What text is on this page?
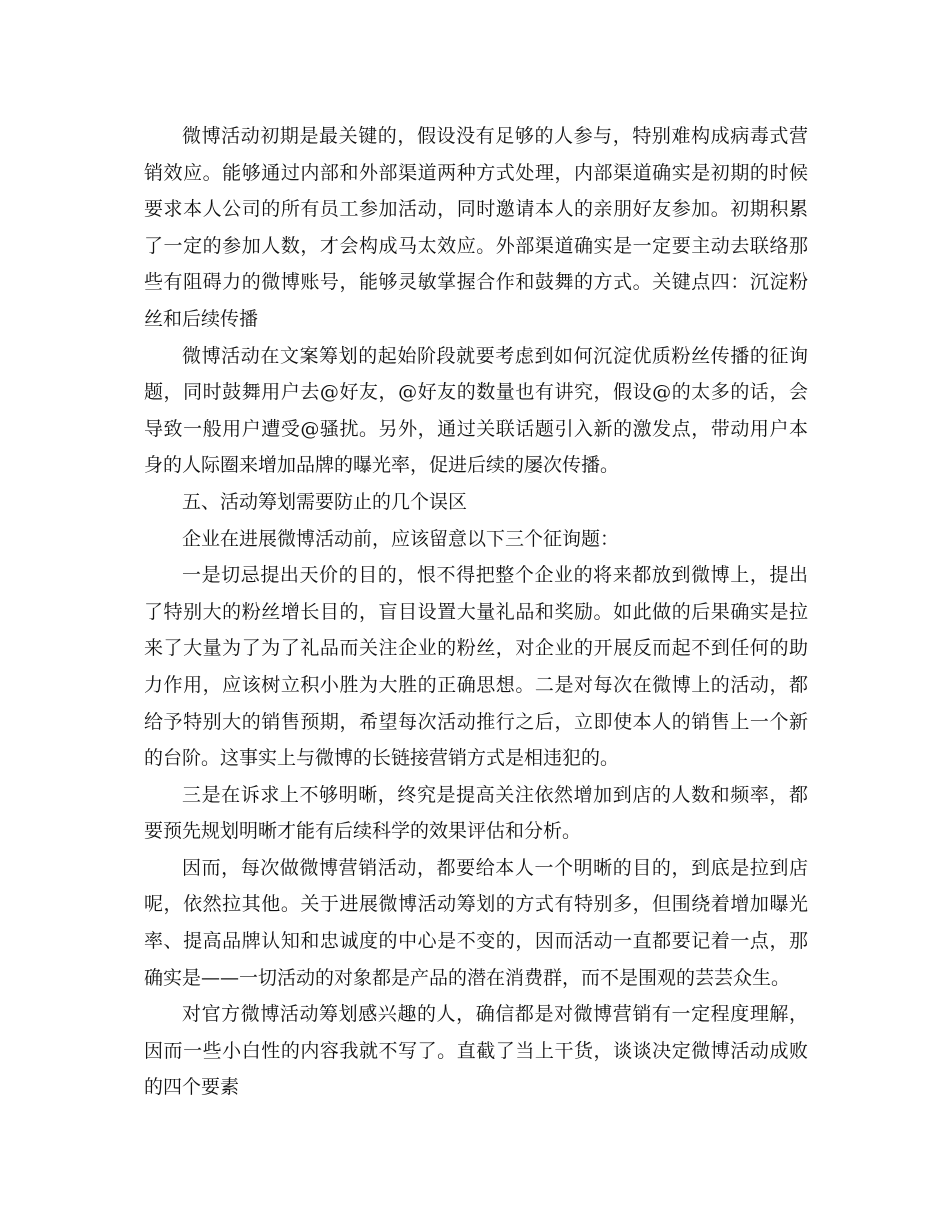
微博活动初期是最关键的，假设没有足够的人参与，特别难构成病毒式营销效应。能够通过内部和外部渠道两种方式处理，内部渠道确实是初期的时候要求本人公司的所有员工参加活动，同时邀请本人的亲朋好友参加。初期积累了一定的参加人数，才会构成马太效应。外部渠道确实是一定要主动去联络那些有阻碍力的微博账号，能够灵敏掌握合作和鼓舞的方式。关键点四：沉淀粉丝和后续传播

微博活动在文案筹划的起始阶段就要考虑到如何沉淀优质粉丝传播的征询题，同时鼓舞用户去@好友，@好友的数量也有讲究，假设@的太多的话，会导致一般用户遭受@骚扰。另外，通过关联话题引入新的激发点，带动用户本身的人际圈来增加品牌的曝光率，促进后续的屡次传播。

五、活动筹划需要防止的几个误区

企业在进展微博活动前，应该留意以下三个征询题：

一是切忌提出天价的目的，恨不得把整个企业的将来都放到微博上，提出了特别大的粉丝增长目的，盲目设置大量礼品和奖励。如此做的后果确实是拉来了大量为了为了礼品而关注企业的粉丝，对企业的开展反而起不到任何的助力作用，应该树立积小胜为大胜的正确思想。二是对每次在微博上的活动，都给予特别大的销售预期，希望每次活动推行之后，立即使本人的销售上一个新的台阶。这事实上与微博的长链接营销方式是相违犯的。

三是在诉求上不够明晰，终究是提高关注依然增加到店的人数和频率，都要预先规划明晰才能有后续科学的效果评估和分析。

因而，每次做微博营销活动，都要给本人一个明晰的目的，到底是拉到店呢，依然拉其他。关于进展微博活动筹划的方式有特别多，但围绕着增加曝光率、提高品牌认知和忠诚度的中心是不变的，因而活动一直都要记着一点，那确实是——一切活动的对象都是产品的潜在消费群，而不是围观的芸芸众生。

对官方微博活动筹划感兴趣的人，确信都是对微博营销有一定程度理解，因而一些小白性的内容我就不写了。直截了当上干货，谈谈决定微博活动成败的四个要素
